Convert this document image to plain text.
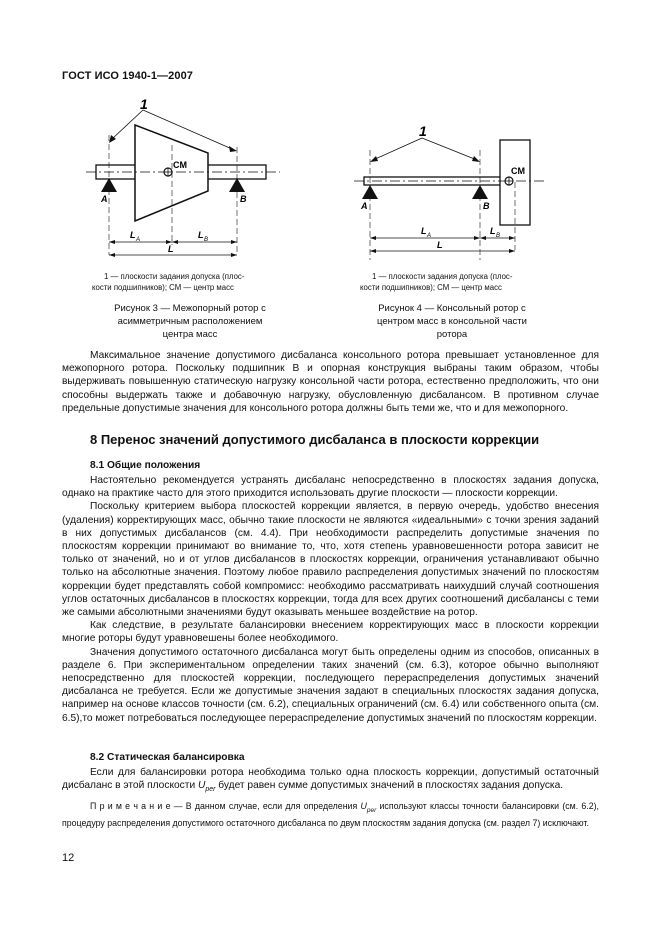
ГОСТ ИСО 1940-1—2007
1
CM
A	B
L A	L B
L
1 — плоскости задания допуска (плос-
кости подшипников); СМ — центр масс
Рисунок 3 — Межопорный ротор с
асимметричным расположением
центра масс
1
CM
A	B
L A	L B
L
1 — плоскости задания допуска (плос-
кости подшипников); СМ — центр масс
Рисунок 4 — Консольный ротор с
центром масс в консольной части
ротора

Максимальное значение допустимого дисбаланса консольного ротора превышает установленное для межопорного ротора. Поскольку подшипник B и опорная конструкция выбраны таким образом, чтобы выдерживать повышенную статическую нагрузку консольной части ротора, естественно предположить, что они способны выдержать также и добавочную нагрузку, обусловленную дисбалансом. В противном случае предельные допустимые значения для консольного ротора должны быть теми же, что и для межопорного.

8 Перенос значений допустимого дисбаланса в плоскости коррекции
8.1 Общие положения

Настоятельно рекомендуется устранять дисбаланс непосредственно в плоскостях задания допуска, однако на практике часто для этого приходится использовать другие плоскости — плоскости коррекции.

Поскольку критерием выбора плоскостей коррекции является, в первую очередь, удобство внесения (удаления) корректирующих масс, обычно такие плоскости не являются «идеальными» с точки зрения заданий в них допустимых дисбалансов (см. 4.4). При необходимости распределить допустимые значения по плоскостям коррекции принимают во внимание то, что, хотя степень уравновешенности ротора зависит не только от значений, но и от углов дисбалансов в плоскостях коррекции, ограничения устанавливают обычно только на абсолютные значения. Поэтому любое правило распределения допустимых значений по плоскостям коррекции будет представлять собой компромисс: необходимо рассматривать наихудший случай соотношения углов остаточных дисбалансов в плоскостях коррекции, тогда для всех других соотношений дисбалансы с теми же самыми абсолютными значениями будут оказывать меньшее воздействие на ротор.

Как следствие, в результате балансировки внесением корректирующих масс в плоскости коррекции многие роторы будут уравновешены более необходимого.

Значения допустимого остаточного дисбаланса могут быть определены одним из способов, описанных в разделе 6. При экспериментальном определении таких значений (см. 6.3), которое обычно выполняют непосредственно для плоскостей коррекции, последующего перераспределения допустимых значений дисбаланса не требуется. Если же допустимые значения задают в специальных плоскостях задания допуска, например на основе классов точности (см. 6.2), специальных ограничений (см. 6.4) или собственного опыта (см. 6.5),то может потребоваться последующее перераспределение допустимых значений по плоскостям коррекции.

8.2 Статическая балансировка

Если для балансировки ротора необходима только одна плоскость коррекции, допустимый остаточный дисбаланс в этой плоскости $U_{per}$ будет равен сумме допустимых значений в плоскостях задания допуска.

П р и м е ч а н и е — В данном случае, если для определения $U_{per}$ используют классы точности балансировки (см. 6.2), процедуру распределения допустимого остаточного дисбаланса по двум плоскостям задания допуска (см. раздел 7) исключают.

12
